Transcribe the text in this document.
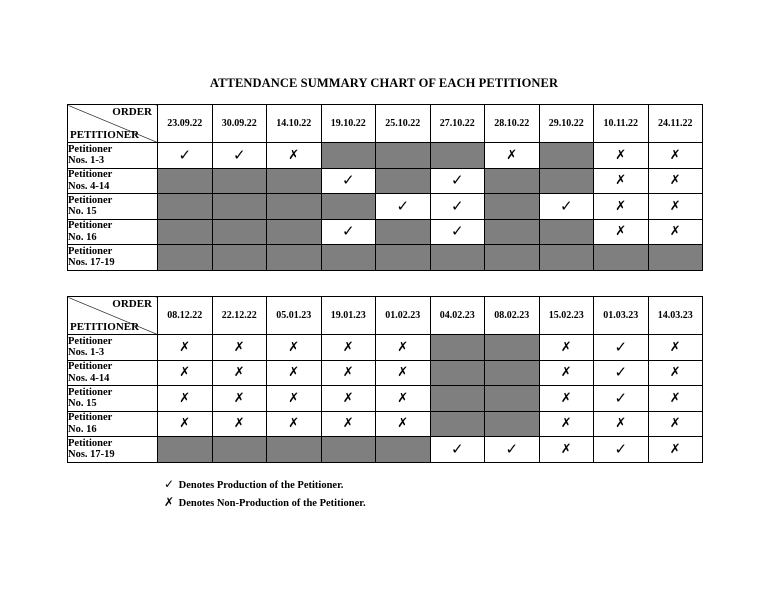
ATTENDANCE SUMMARY CHART OF EACH PETITIONER
ORDER
PETITIONER	23.09.22	30.09.22	14.10.22	19.10.22	25.10.22	27.10.22	28.10.22	29.10.22	10.11.22	24.11.22
Petitioner
Nos. 1-3	✓	✓	✗				✗		✗	✗
Petitioner
Nos. 4-14				✓		✓			✗	✗
Petitioner
No. 15					✓	✓		✓	✗	✗
Petitioner
No. 16				✓		✓			✗	✗
Petitioner
Nos. 17-19										
ORDER
PETITIONER	08.12.22	22.12.22	05.01.23	19.01.23	01.02.23	04.02.23	08.02.23	15.02.23	01.03.23	14.03.23
Petitioner
Nos. 1-3	✗	✗	✗	✗	✗			✗	✓	✗
Petitioner
Nos. 4-14	✗	✗	✗	✗	✗			✗	✓	✗
Petitioner
No. 15	✗	✗	✗	✗	✗			✗	✓	✗
Petitioner
No. 16	✗	✗	✗	✗	✗			✗	✗	✗
Petitioner
Nos. 17-19						✓	✓	✗	✓	✗
✓ Denotes Production of the Petitioner.
✗ Denotes Non-Production of the Petitioner.
